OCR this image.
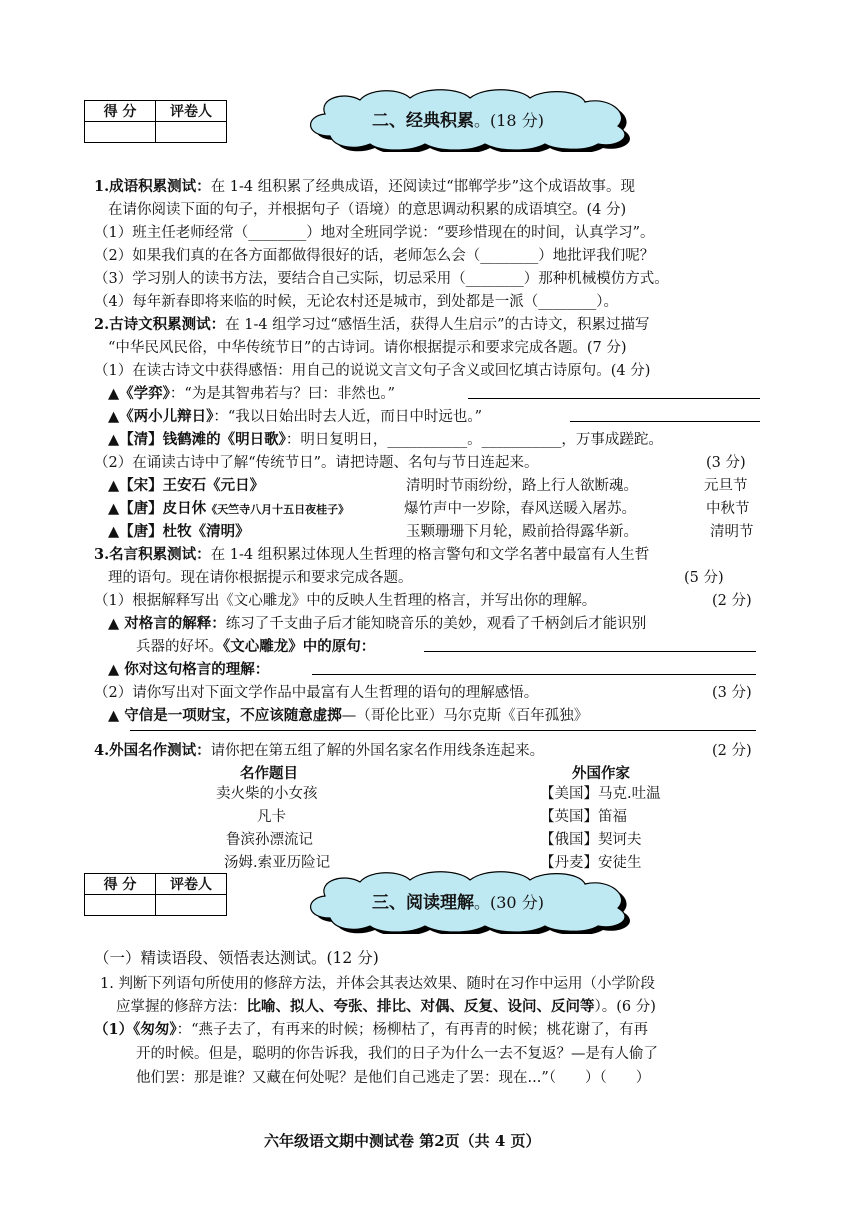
得 分	评卷人
		二、经典积累。(18 分)
1.成语积累测试：在 1-4 组积累了经典成语，还阅读过“邯郸学步”这个成语故事。现
在请你阅读下面的句子，并根据句子（语境）的意思调动积累的成语填空。(4 分)
（1）班主任老师经常（________）地对全班同学说：“要珍惜现在的时间，认真学习”。
（2）如果我们真的在各方面都做得很好的话，老师怎么会（________）地批评我们呢？
（3）学习别人的读书方法，要结合自己实际，切忌采用（________）那种机械模仿方式。
（4）每年新春即将来临的时候，无论农村还是城市，到处都是一派（________）。
2.古诗文积累测试：在 1-4 组学习过“感悟生活，获得人生启示”的古诗文，积累过描写
“中华民风民俗，中华传统节日”的古诗词。请你根据提示和要求完成各题。(7 分)
（1）在读古诗文中获得感悟：用自己的说说文言文句子含义或回忆填古诗原句。(4 分)
▲《学弈》：“为是其智弗若与？曰：非然也。”
▲《两小儿辩日》：“我以日始出时去人近，而日中时远也。”
▲【清】钱鹤滩的《明日歌》：明日复明日，___________。___________，万事成蹉跎。
（2）在诵读古诗中了解“传统节日”。请把诗题、名句与节日连起来。	(3 分)
▲【宋】王安石《元日》	清明时节雨纷纷，路上行人欲断魂。	元旦节
▲【唐】皮日休《天竺寺八月十五日夜桂子》	爆竹声中一岁除，春风送暖入屠苏。	中秋节
▲【唐】杜牧《清明》	玉颗珊珊下月轮，殿前拾得露华新。	清明节
3.名言积累测试：在 1-4 组积累过体现人生哲理的格言警句和文学名著中最富有人生哲
理的语句。现在请你根据提示和要求完成各题。	(5 分)
（1）根据解释写出《文心雕龙》中的反映人生哲理的格言，并写出你的理解。	(2 分)
▲ 对格言的解释：练习了千支曲子后才能知晓音乐的美妙，观看了千柄剑后才能识别
兵器的好坏。《文心雕龙》中的原句：
▲ 你对这句格言的理解：
（2）请你写出对下面文学作品中最富有人生哲理的语句的理解感悟。	(3 分)
▲ 守信是一项财宝，不应该随意虚掷—（哥伦比亚）马尔克斯《百年孤独》
4.外国名作测试：请你把在第五组了解的外国名家名作用线条连起来。	(2 分)
名作题目	外国作家
卖火柴的小女孩	【美国】马克.吐温
凡卡	【英国】笛福
鲁滨孙漂流记	【俄国】契诃夫
汤姆.索亚历险记	【丹麦】安徒生
得 分	评卷人

三、阅读理解。(30 分)
（一）精读语段、领悟表达测试。(12 分)
1. 判断下列语句所使用的修辞方法，并体会其表达效果、随时在习作中运用（小学阶段
应掌握的修辞方法：比喻、拟人、夸张、排比、对偶、反复、设问、反问等）。(6 分)
（1）《匆匆》：“燕子去了，有再来的时候；杨柳枯了，有再青的时候；桃花谢了，有再
开的时候。但是，聪明的你告诉我，我们的日子为什么一去不复返？—是有人偷了
他们罢：那是谁？又藏在何处呢？是他们自己逃走了罢：现在...”（　　）（　　）
六年级语文期中测试卷 第2页（共 4 页）
